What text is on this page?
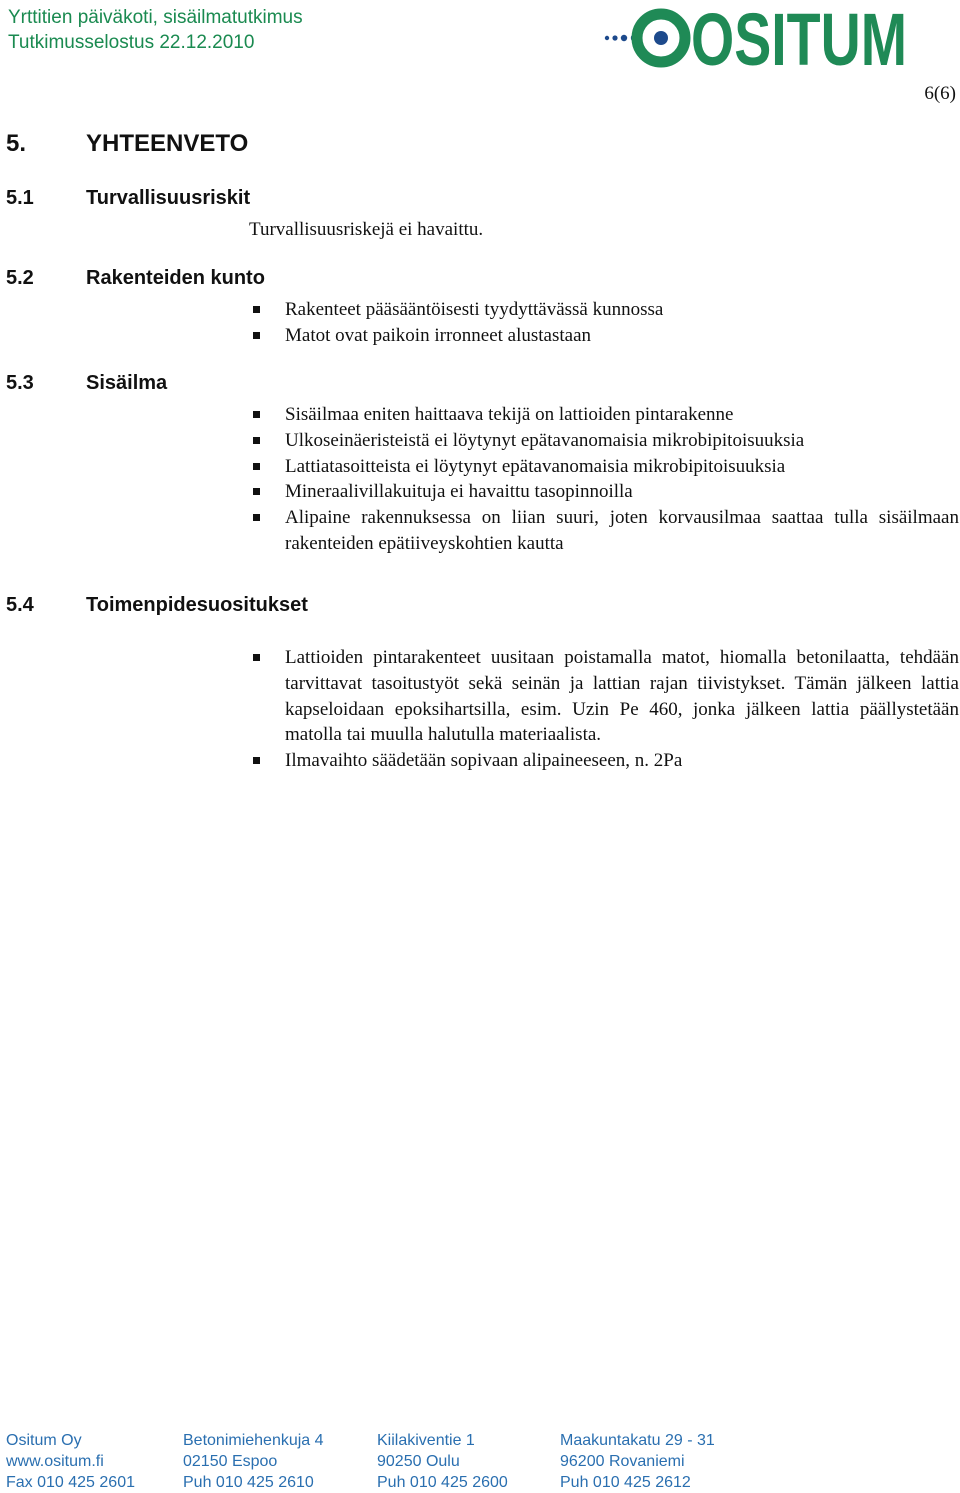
Yrttitien päiväkoti, sisäilmatutkimus
Tutkimusselostus 22.12.2010	OSITUM
6(6)
5. YHTEENVETO
5.1	Turvallisuusriskit
Turvallisuusriskejä ei havaittu.
5.2	Rakenteiden kunto
Rakenteet pääsääntöisesti tyydyttävässä kunnossa
Matot ovat paikoin irronneet alustastaan
5.3	Sisäilma
Sisäilmaa eniten haittaava tekijä on lattioiden pintarakenne
Ulkoseinäeristeistä ei löytynyt epätavanomaisia mikrobipitoisuuksia
Lattiatasoitteista ei löytynyt epätavanomaisia mikrobipitoisuuksia
Mineraalivillakuituja ei havaittu tasopinnoilla
Alipaine rakennuksessa on liian suuri, joten korvausilmaa saattaa tulla sisäilmaan rakenteiden epätiiveyskohtien kautta
5.4	Toimenpidesuositukset
Lattioiden pintarakenteet uusitaan poistamalla matot, hiomalla betonilaatta, tehdään tarvittavat tasoitustyöt sekä seinän ja lattian rajan tiivistykset. Tämän jälkeen lattia kapseloidaan epoksihartsilla, esim. Uzin Pe 460, jonka jälkeen lattia päällystetään matolla tai muulla halutulla materiaalista.
Ilmavaihto säädetään sopivaan alipaineeseen, n. 2Pa
Ositum Oy
www.ositum.fi
Fax 010 425 2601
Betonimiehenkuja 4
02150 Espoo
Puh 010 425 2610
Kiilakiventie 1
90250 Oulu
Puh 010 425 2600
Maakuntakatu 29 - 31
96200 Rovaniemi
Puh 010 425 2612
